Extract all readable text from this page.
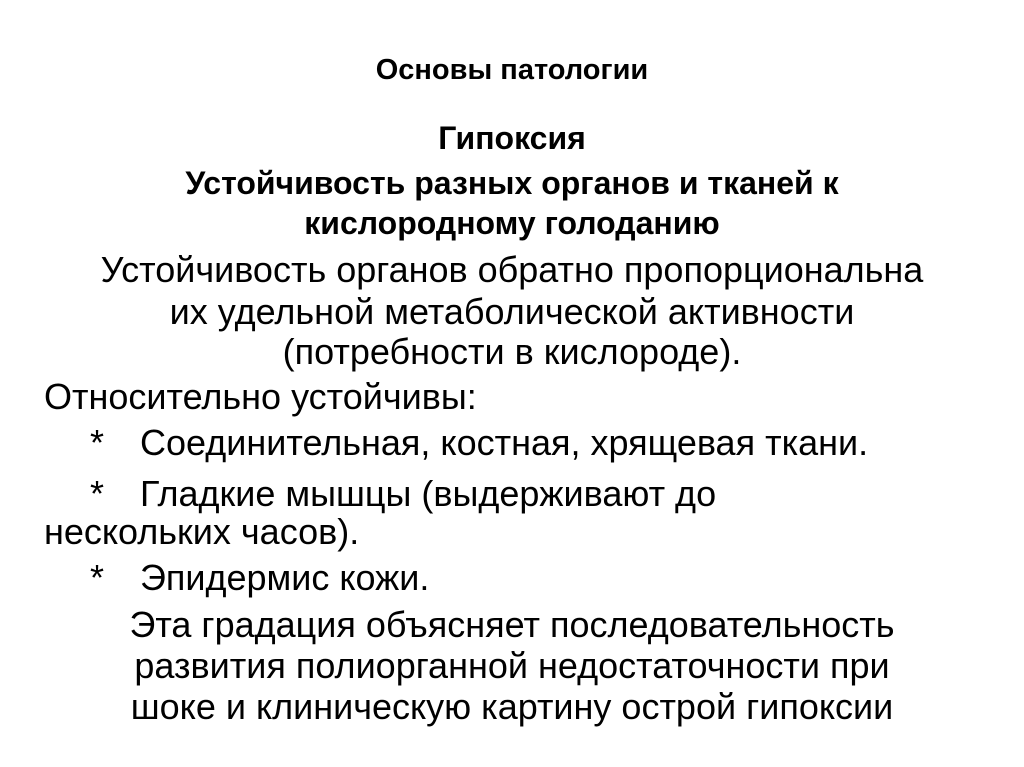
Основы патологии
Гипоксия
Устойчивость разных органов и тканей к
кислородному голоданию
Устойчивость органов обратно пропорциональна
их удельной метаболической активности
(потребности в кислороде).
Относительно устойчивы:
* Соединительная, костная, хрящевая ткани.
* Гладкие мышцы (выдерживают до
нескольких часов).
* Эпидермис кожи.
Эта градация объясняет последовательность
развития полиорганной недостаточности при
шоке и клиническую картину острой гипоксии
